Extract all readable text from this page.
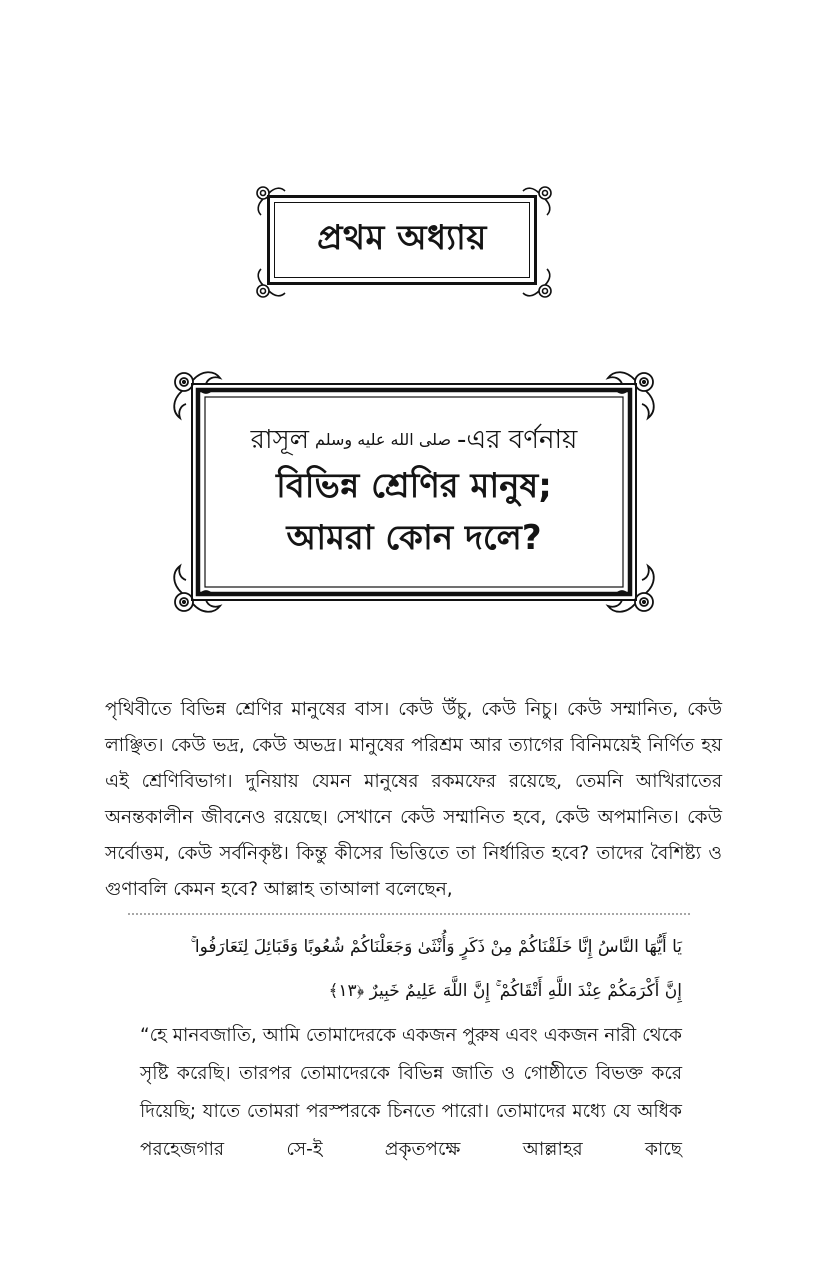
প্রথম অধ্যায়
রাসূল صلى الله عليه وسلم -এর বর্ণনায়
বিভিন্ন শ্রেণির মানুষ;
আমরা কোন দলে?

পৃথিবীতে বিভিন্ন শ্রেণির মানুষের বাস। কেউ উঁচু, কেউ নিচু। কেউ সম্মানিত, কেউ লাঞ্ছিত। কেউ ভদ্র, কেউ অভদ্র। মানুষের পরিশ্রম আর ত্যাগের বিনিময়েই নির্ণিত হয় এই শ্রেণিবিভাগ। দুনিয়ায় যেমন মানুষের রকমফের রয়েছে, তেমনি আখিরাতের অনন্তকালীন জীবনেও রয়েছে। সেখানে কেউ সম্মানিত হবে, কেউ অপমানিত। কেউ সর্বোত্তম, কেউ সর্বনিকৃষ্ট। কিন্তু কীসের ভিত্তিতে তা নির্ধারিত হবে? তাদের বৈশিষ্ট্য ও গুণাবলি কেমন হবে? আল্লাহ তাআলা বলেছেন,

يَا أَيُّهَا النَّاسُ إِنَّا خَلَقْنَاكُمْ مِنْ ذَكَرٍ وَأُنْثَىٰ وَجَعَلْنَاكُمْ شُعُوبًا وَقَبَائِلَ لِتَعَارَفُوا ۚ
إِنَّ أَكْرَمَكُمْ عِنْدَ اللَّهِ أَتْقَاكُمْ ۚ إِنَّ اللَّهَ عَلِيمٌ خَبِيرٌ ﴿١٣﴾

“হে মানবজাতি, আমি তোমাদেরকে একজন পুরুষ এবং একজন নারী থেকে সৃষ্টি করেছি। তারপর তোমাদেরকে বিভিন্ন জাতি ও গোষ্ঠীতে বিভক্ত করে দিয়েছি; যাতে তোমরা পরস্পরকে চিনতে পারো। তোমাদের মধ্যে যে অধিক পরহেজগার সে-ই প্রকৃতপক্ষে আল্লাহর কাছে
